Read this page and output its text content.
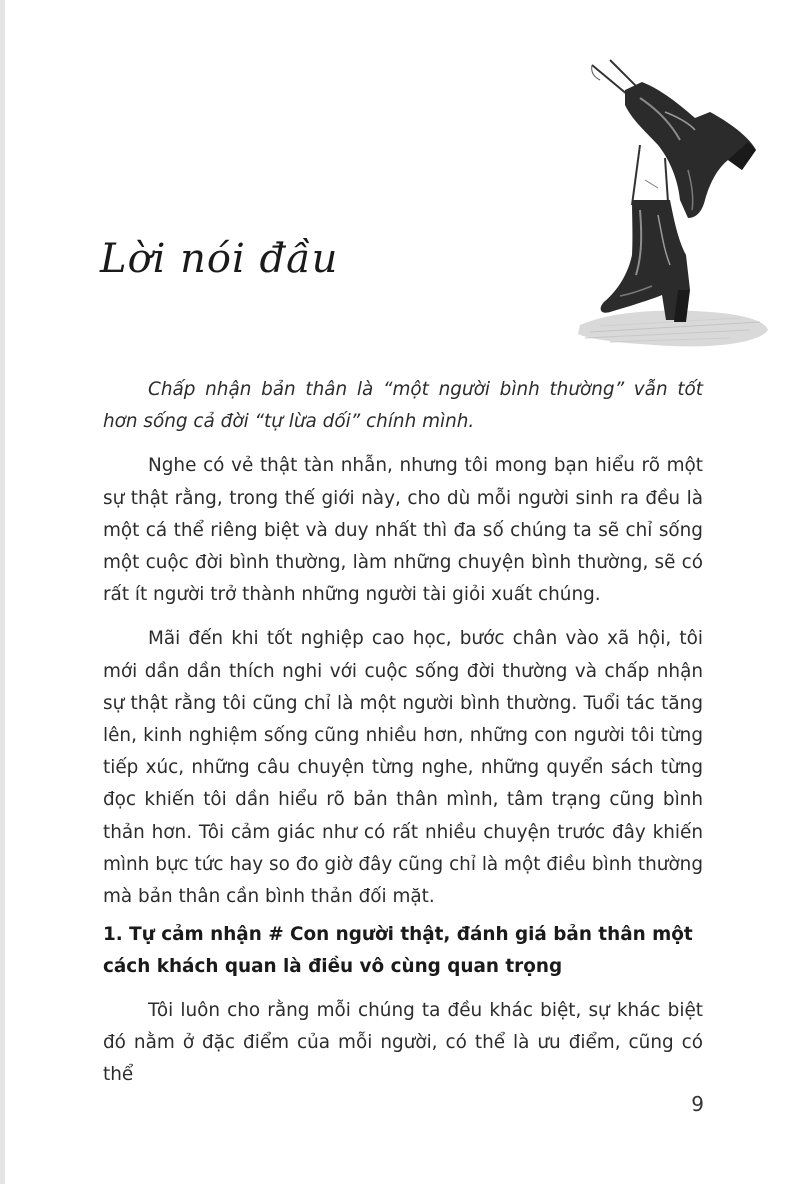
Lời nói đầu

Chấp nhận bản thân là “một người bình thường” vẫn tốt hơn sống cả đời “tự lừa dối” chính mình.

Nghe có vẻ thật tàn nhẫn, nhưng tôi mong bạn hiểu rõ một sự thật rằng, trong thế giới này, cho dù mỗi người sinh ra đều là một cá thể riêng biệt và duy nhất thì đa số chúng ta sẽ chỉ sống một cuộc đời bình thường, làm những chuyện bình thường, sẽ có rất ít người trở thành những người tài giỏi xuất chúng.

Mãi đến khi tốt nghiệp cao học, bước chân vào xã hội, tôi mới dần dần thích nghi với cuộc sống đời thường và chấp nhận sự thật rằng tôi cũng chỉ là một người bình thường. Tuổi tác tăng lên, kinh nghiệm sống cũng nhiều hơn, những con người tôi từng tiếp xúc, những câu chuyện từng nghe, những quyển sách từng đọc khiến tôi dần hiểu rõ bản thân mình, tâm trạng cũng bình thản hơn. Tôi cảm giác như có rất nhiều chuyện trước đây khiến mình bực tức hay so đo giờ đây cũng chỉ là một điều bình thường mà bản thân cần bình thản đối mặt.

1. Tự cảm nhận # Con người thật, đánh giá bản thân một cách khách quan là điều vô cùng quan trọng

Tôi luôn cho rằng mỗi chúng ta đều khác biệt, sự khác biệt đó nằm ở đặc điểm của mỗi người, có thể là ưu điểm, cũng có thể

9
